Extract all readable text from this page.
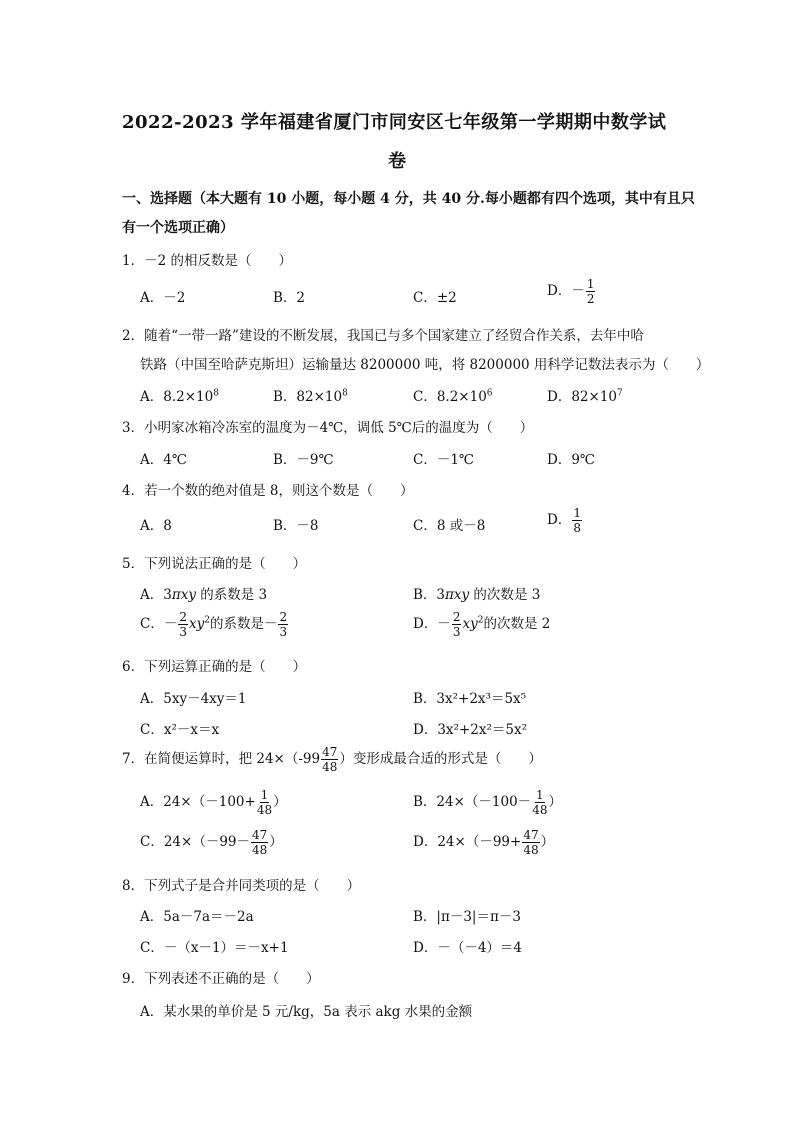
2022-2023 学年福建省厦门市同安区七年级第一学期期中数学试
卷
一、选择题（本大题有 10 小题，每小题 4 分，共 40 分.每小题都有四个选项，其中有且只
有一个选项正确）
1．－2 的相反数是（　　）
A．－2	B．2	C．±2	D．－ $\frac{1}{2}$
2．随着“一带一路”建设的不断发展，我国已与多个国家建立了经贸合作关系，去年中哈
铁路（中国至哈萨克斯坦）运输量达 8200000 吨，将 8200000 用科学记数法表示为（　　）
A．$8.2\times 10^8$	B．$82\times 10^8$	C．$8.2\times 10^6$	D．$82\times 10^7$
3．小明家冰箱冷冻室的温度为－4℃，调低 5℃后的温度为（　　）
A．4℃	B．－9℃	C．－1℃	D．9℃
4．若一个数的绝对值是 8，则这个数是（　　）
A．8	B．－8	C．8 或－8	D． $\frac{1}{8}$
5．下列说法正确的是（　　）
A．3πxy 的系数是 3	B．3πxy 的次数是 3
C．－ $\frac{2}{3} xy^2$的系数是－ $\frac{2}{3}$	D．－ $\frac{2}{3} xy^2$的次数是 2
6．下列运算正确的是（　　）
A．5xy－4xy＝1	B．3x²+2x³＝5x⁵
C．x²－x＝x	D．3x²+2x²＝5x²
7．在简便运算时，把 $24\times(-99 \frac{47}{48}$ ）变形成最合适的形式是（　　）
A．$24\times(-100+ \frac{1}{48}$ ）	B．$24\times(-100- \frac{1}{48}$ ）
C．$24\times(-99- \frac{47}{48}$ ）	D．$24\times(-99+ \frac{47}{48}$ ）
8．下列式子是合并同类项的是（　　）
A．5a－7a＝－2a	B．|π－3|＝π－3
C．－（x－1）＝－x+1	D．－（－4）＝4
9．下列表述不正确的是（　　）
A．某水果的单价是 5 元/kg，5a 表示 akg 水果的金额
